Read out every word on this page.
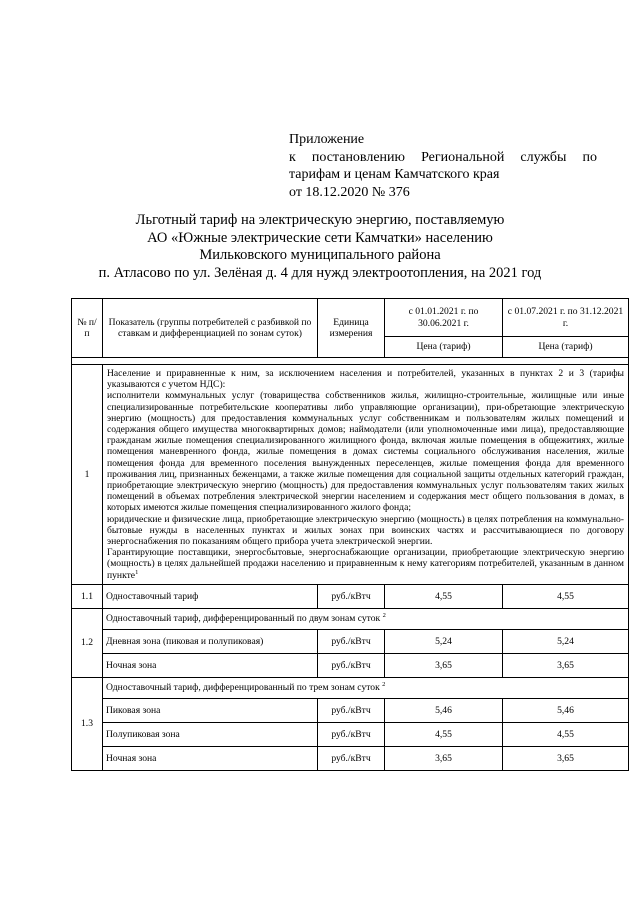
Приложение
к постановлению Региональной службы по
тарифам и ценам Камчатского края
от 18.12.2020 № 376
Льготный тариф на электрическую энергию, поставляемую
АО «Южные электрические сети Камчатки» населению
Мильковского муниципального района
п. Атласово по ул. Зелёная д. 4 для нужд электроотопления, на 2021 год
№ п/п	Показатель (группы потребителей с разбивкой по ставкам и дифференциацией по зонам суток)	Единица измерения	с 01.01.2021 г. по 30.06.2021 г.	с 01.07.2021 г. по 31.12.2021 г.
			Цена (тариф)	Цена (тариф)

1	Население и приравненные к ним, за исключением населения и потребителей, указанных в пунктах 2 и 3 (тарифы указываются с учетом НДС):
исполнители коммунальных услуг (товарищества собственников жилья, жилищно-строительные, жилищные или иные специализированные потребительские кооперативы либо управляющие организации), при-обретающие электрическую энергию (мощность) для предоставления коммунальных услуг собственникам и пользователям жилых помещений и содержания общего имущества многоквартирных домов; наймодатели (или уполномоченные ими лица), предоставляющие гражданам жилые помещения специализированного жилищного фонда, включая жилые помещения в общежитиях, жилые помещения маневренного фонда, жилые помещения в домах системы социального обслуживания населения, жилые помещения фонда для временного поселения вынужденных переселенцев, жилые помещения фонда для временного проживания лиц, признанных беженцами, а также жилые помещения для социальной защиты отдельных категорий граждан, приобретающие электрическую энергию (мощность) для предоставления коммунальных услуг пользователям таких жилых помещений в объемах потребления электрической энергии населением и содержания мест общего пользования в домах, в которых имеются жилые помещения специализированного жилого фонда;
юридические и физические лица, приобретающие электрическую энергию (мощность) в целях потребления на коммунально-бытовые нужды в населенных пунктах и жилых зонах при воинских частях и рассчитывающиеся по договору энергоснабжения по показаниям общего прибора учета электрической энергии.
Гарантирующие поставщики, энергосбытовые, энергоснабжающие организации, приобретающие электрическую энергию (мощность) в целях дальнейшей продажи населению и приравненным к нему категориям потребителей, указанным в данном пункте$^1$

1.1	Одноставочный тариф	руб./кВтч	4,55	4,55
1.2	Одноставочный тариф, дифференцированный по двум зонам суток $^2$
	Дневная зона (пиковая и полупиковая)	руб./кВтч	5,24	5,24
	Ночная зона	руб./кВтч	3,65	3,65
1.3	Одноставочный тариф, дифференцированный по трем зонам суток $^2$
	Пиковая зона	руб./кВтч	5,46	5,46
	Полупиковая зона	руб./кВтч	4,55	4,55
	Ночная зона	руб./кВтч	3,65	3,65
